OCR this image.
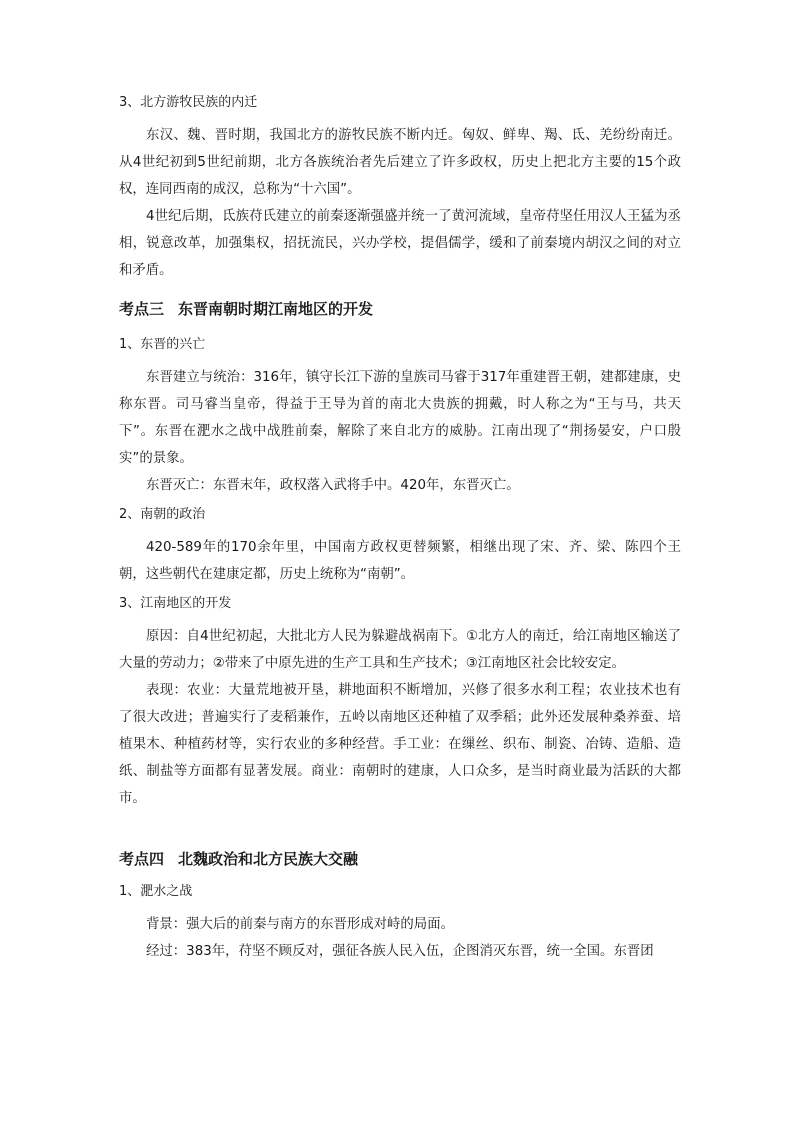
3、北方游牧民族的内迁

东汉、魏、晋时期，我国北方的游牧民族不断内迁。匈奴、鲜卑、羯、氐、羌纷纷南迁。从4世纪初到5世纪前期，北方各族统治者先后建立了许多政权，历史上把北方主要的15个政权，连同西南的成汉，总称为“十六国”。

4世纪后期，氐族苻氏建立的前秦逐渐强盛并统一了黄河流域，皇帝苻坚任用汉人王猛为丞相，锐意改革，加强集权，招抚流民，兴办学校，提倡儒学，缓和了前秦境内胡汉之间的对立和矛盾。

考点三 东晋南朝时期江南地区的开发

1、东晋的兴亡

东晋建立与统治：316年，镇守长江下游的皇族司马睿于317年重建晋王朝，建都建康，史称东晋。司马睿当皇帝，得益于王导为首的南北大贵族的拥戴，时人称之为“王与马，共天下”。东晋在淝水之战中战胜前秦，解除了来自北方的威胁。江南出现了“荆扬晏安，户口殷实”的景象。

东晋灭亡：东晋末年，政权落入武将手中。420年，东晋灭亡。

2、南朝的政治

420-589年的170余年里，中国南方政权更替频繁，相继出现了宋、齐、梁、陈四个王朝，这些朝代在建康定都，历史上统称为“南朝”。

3、江南地区的开发

原因：自4世纪初起，大批北方人民为躲避战祸南下。①北方人的南迁，给江南地区输送了大量的劳动力；②带来了中原先进的生产工具和生产技术；③江南地区社会比较安定。

表现：农业：大量荒地被开垦，耕地面积不断增加，兴修了很多水利工程；农业技术也有了很大改进；普遍实行了麦稻兼作，五岭以南地区还种植了双季稻；此外还发展种桑养蚕、培植果木、种植药材等，实行农业的多种经营。手工业：在缫丝、织布、制瓷、冶铸、造船、造纸、制盐等方面都有显著发展。商业：南朝时的建康，人口众多，是当时商业最为活跃的大都市。

考点四 北魏政治和北方民族大交融

1、淝水之战

背景：强大后的前秦与南方的东晋形成对峙的局面。

经过：383年，苻坚不顾反对，强征各族人民入伍，企图消灭东晋，统一全国。东晋团
